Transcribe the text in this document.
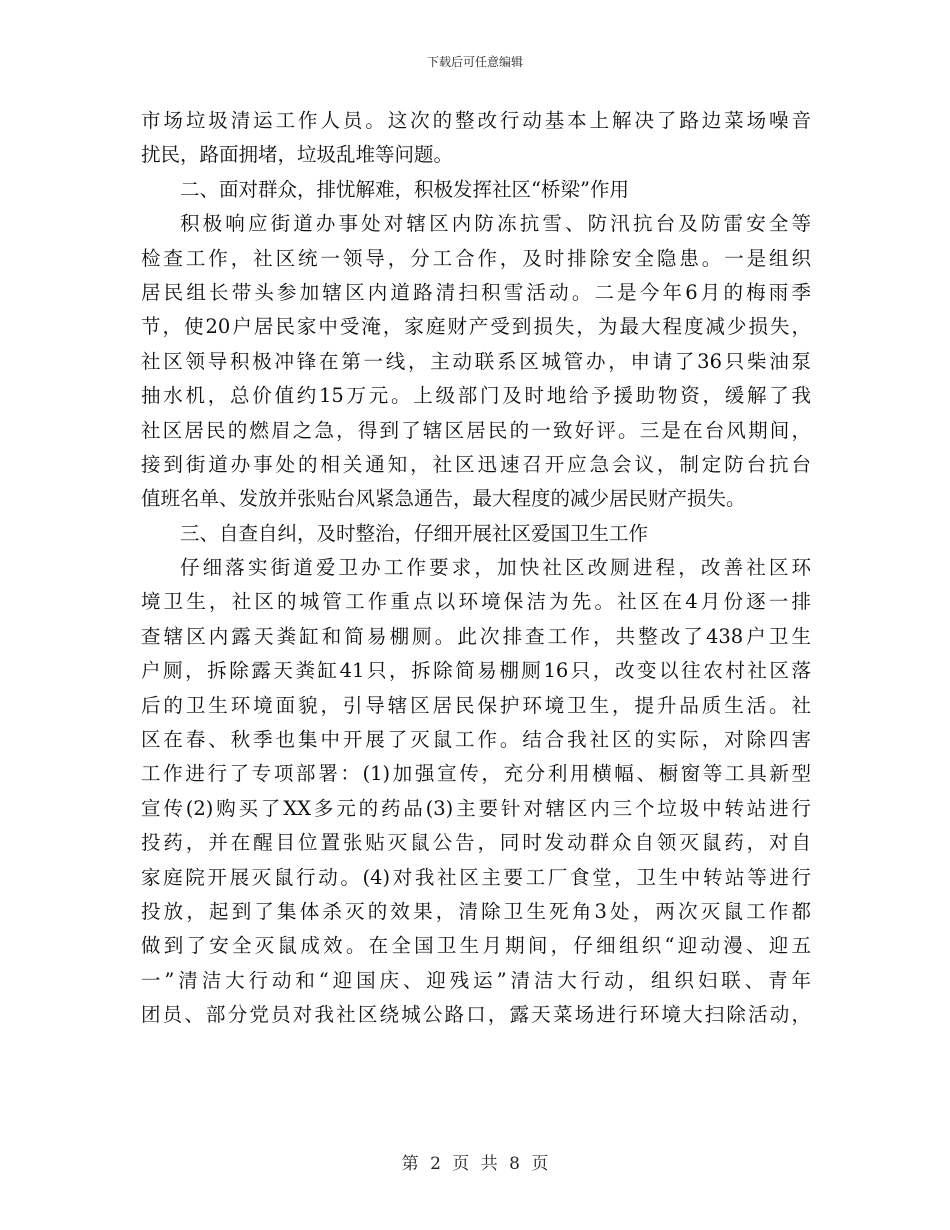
下载后可任意编辑
市场垃圾清运工作人员。这次的整改行动基本上解决了路边菜场噪音
扰民，路面拥堵，垃圾乱堆等问题。
二、面对群众，排忧解难，积极发挥社区“桥梁”作用
积极响应街道办事处对辖区内防冻抗雪、防汛抗台及防雷安全等
检查工作，社区统一领导，分工合作，及时排除安全隐患。一是组织
居民组长带头参加辖区内道路清扫积雪活动。二是今年6月的梅雨季
节，使20户居民家中受淹，家庭财产受到损失，为最大程度减少损失，
社区领导积极冲锋在第一线，主动联系区城管办，申请了36只柴油泵
抽水机，总价值约15万元。上级部门及时地给予援助物资，缓解了我
社区居民的燃眉之急，得到了辖区居民的一致好评。三是在台风期间，
接到街道办事处的相关通知，社区迅速召开应急会议，制定防台抗台
值班名单、发放并张贴台风紧急通告，最大程度的减少居民财产损失。
三、自查自纠，及时整治，仔细开展社区爱国卫生工作
仔细落实街道爱卫办工作要求，加快社区改厕进程，改善社区环
境卫生，社区的城管工作重点以环境保洁为先。社区在4月份逐一排
查辖区内露天粪缸和简易棚厕。此次排查工作，共整改了438户卫生
户厕，拆除露天粪缸41只，拆除简易棚厕16只，改变以往农村社区落
后的卫生环境面貌，引导辖区居民保护环境卫生，提升品质生活。社
区在春、秋季也集中开展了灭鼠工作。结合我社区的实际，对除四害
工作进行了专项部署：(1)加强宣传，充分利用横幅、橱窗等工具新型
宣传(2)购买了XX多元的药品(3)主要针对辖区内三个垃圾中转站进行
投药，并在醒目位置张贴灭鼠公告，同时发动群众自领灭鼠药，对自
家庭院开展灭鼠行动。(4)对我社区主要工厂食堂，卫生中转站等进行
投放，起到了集体杀灭的效果，清除卫生死角3处，两次灭鼠工作都
做到了安全灭鼠成效。在全国卫生月期间，仔细组织“迎动漫、迎五
一”清洁大行动和“迎国庆、迎残运”清洁大行动，组织妇联、青年
团员、部分党员对我社区绕城公路口，露天菜场进行环境大扫除活动，
第 2 页 共 8 页
